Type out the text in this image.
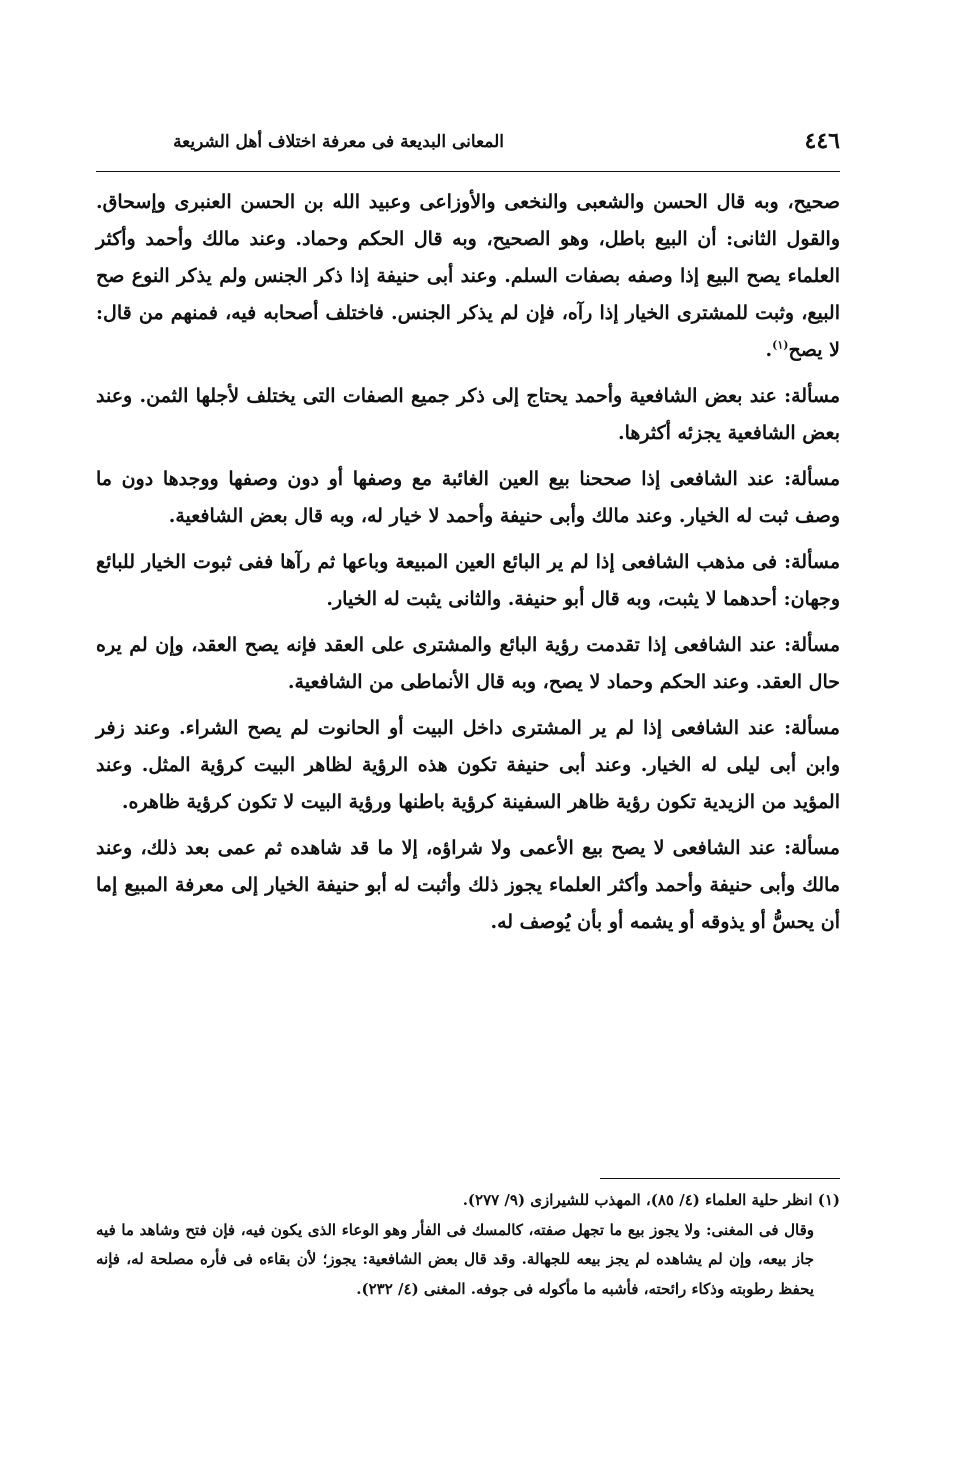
٤٤٦
المعانى البديعة فى معرفة اختلاف أهل الشريعة

صحيح، وبه قال الحسن والشعبى والنخعى والأوزاعى وعبيد الله بن الحسن العنبرى وإسحاق. والقول الثانى: أن البيع باطل، وهو الصحيح، وبه قال الحكم وحماد. وعند مالك وأحمد وأكثر العلماء يصح البيع إذا وصفه بصفات السلم. وعند أبى حنيفة إذا ذكر الجنس ولم يذكر النوع صح البيع، وثبت للمشترى الخيار إذا رآه، فإن لم يذكر الجنس. فاختلف أصحابه فيه، فمنهم من قال: لا يصح$^{(١)}$.

مسألة: عند بعض الشافعية وأحمد يحتاج إلى ذكر جميع الصفات التى يختلف لأجلها الثمن. وعند بعض الشافعية يجزئه أكثرها.

مسألة: عند الشافعى إذا صححنا بيع العين الغائبة مع وصفها أو دون وصفها ووجدها دون ما وصف ثبت له الخيار. وعند مالك وأبى حنيفة وأحمد لا خيار له، وبه قال بعض الشافعية.

مسألة: فى مذهب الشافعى إذا لم ير البائع العين المبيعة وباعها ثم رآها ففى ثبوت الخيار للبائع وجهان: أحدهما لا يثبت، وبه قال أبو حنيفة. والثانى يثبت له الخيار.

مسألة: عند الشافعى إذا تقدمت رؤية البائع والمشترى على العقد فإنه يصح العقد، وإن لم يره حال العقد. وعند الحكم وحماد لا يصح، وبه قال الأنماطى من الشافعية.

مسألة: عند الشافعى إذا لم ير المشترى داخل البيت أو الحانوت لم يصح الشراء. وعند زفر وابن أبى ليلى له الخيار. وعند أبى حنيفة تكون هذه الرؤية لظاهر البيت كرؤية المثل. وعند المؤيد من الزيدية تكون رؤية ظاهر السفينة كرؤية باطنها ورؤية البيت لا تكون كرؤية ظاهره.

مسألة: عند الشافعى لا يصح بيع الأعمى ولا شراؤه، إلا ما قد شاهده ثم عمى بعد ذلك، وعند مالك وأبى حنيفة وأحمد وأكثر العلماء يجوز ذلك وأثبت له أبو حنيفة الخيار إلى معرفة المبيع إما أن يحسُّ أو يذوقه أو يشمه أو بأن يُوصف له.

(١) انظر حلية العلماء (٤/ ٨٥)، المهذب للشيرازى (٩/ ٢٧٧).

وقال فى المغنى: ولا يجوز بيع ما تجهل صفته، كالمسك فى الفأر وهو الوعاء الذى يكون فيه، فإن فتح وشاهد ما فيه جاز بيعه، وإن لم يشاهده لم يجز بيعه للجهالة. وقد قال بعض الشافعية: يجوز؛ لأن بقاءه فى فأره مصلحة له، فإنه يحفظ رطوبته وذكاء رائحته، فأشبه ما مأكوله فى جوفه. المغنى (٤/ ٢٣٢).
